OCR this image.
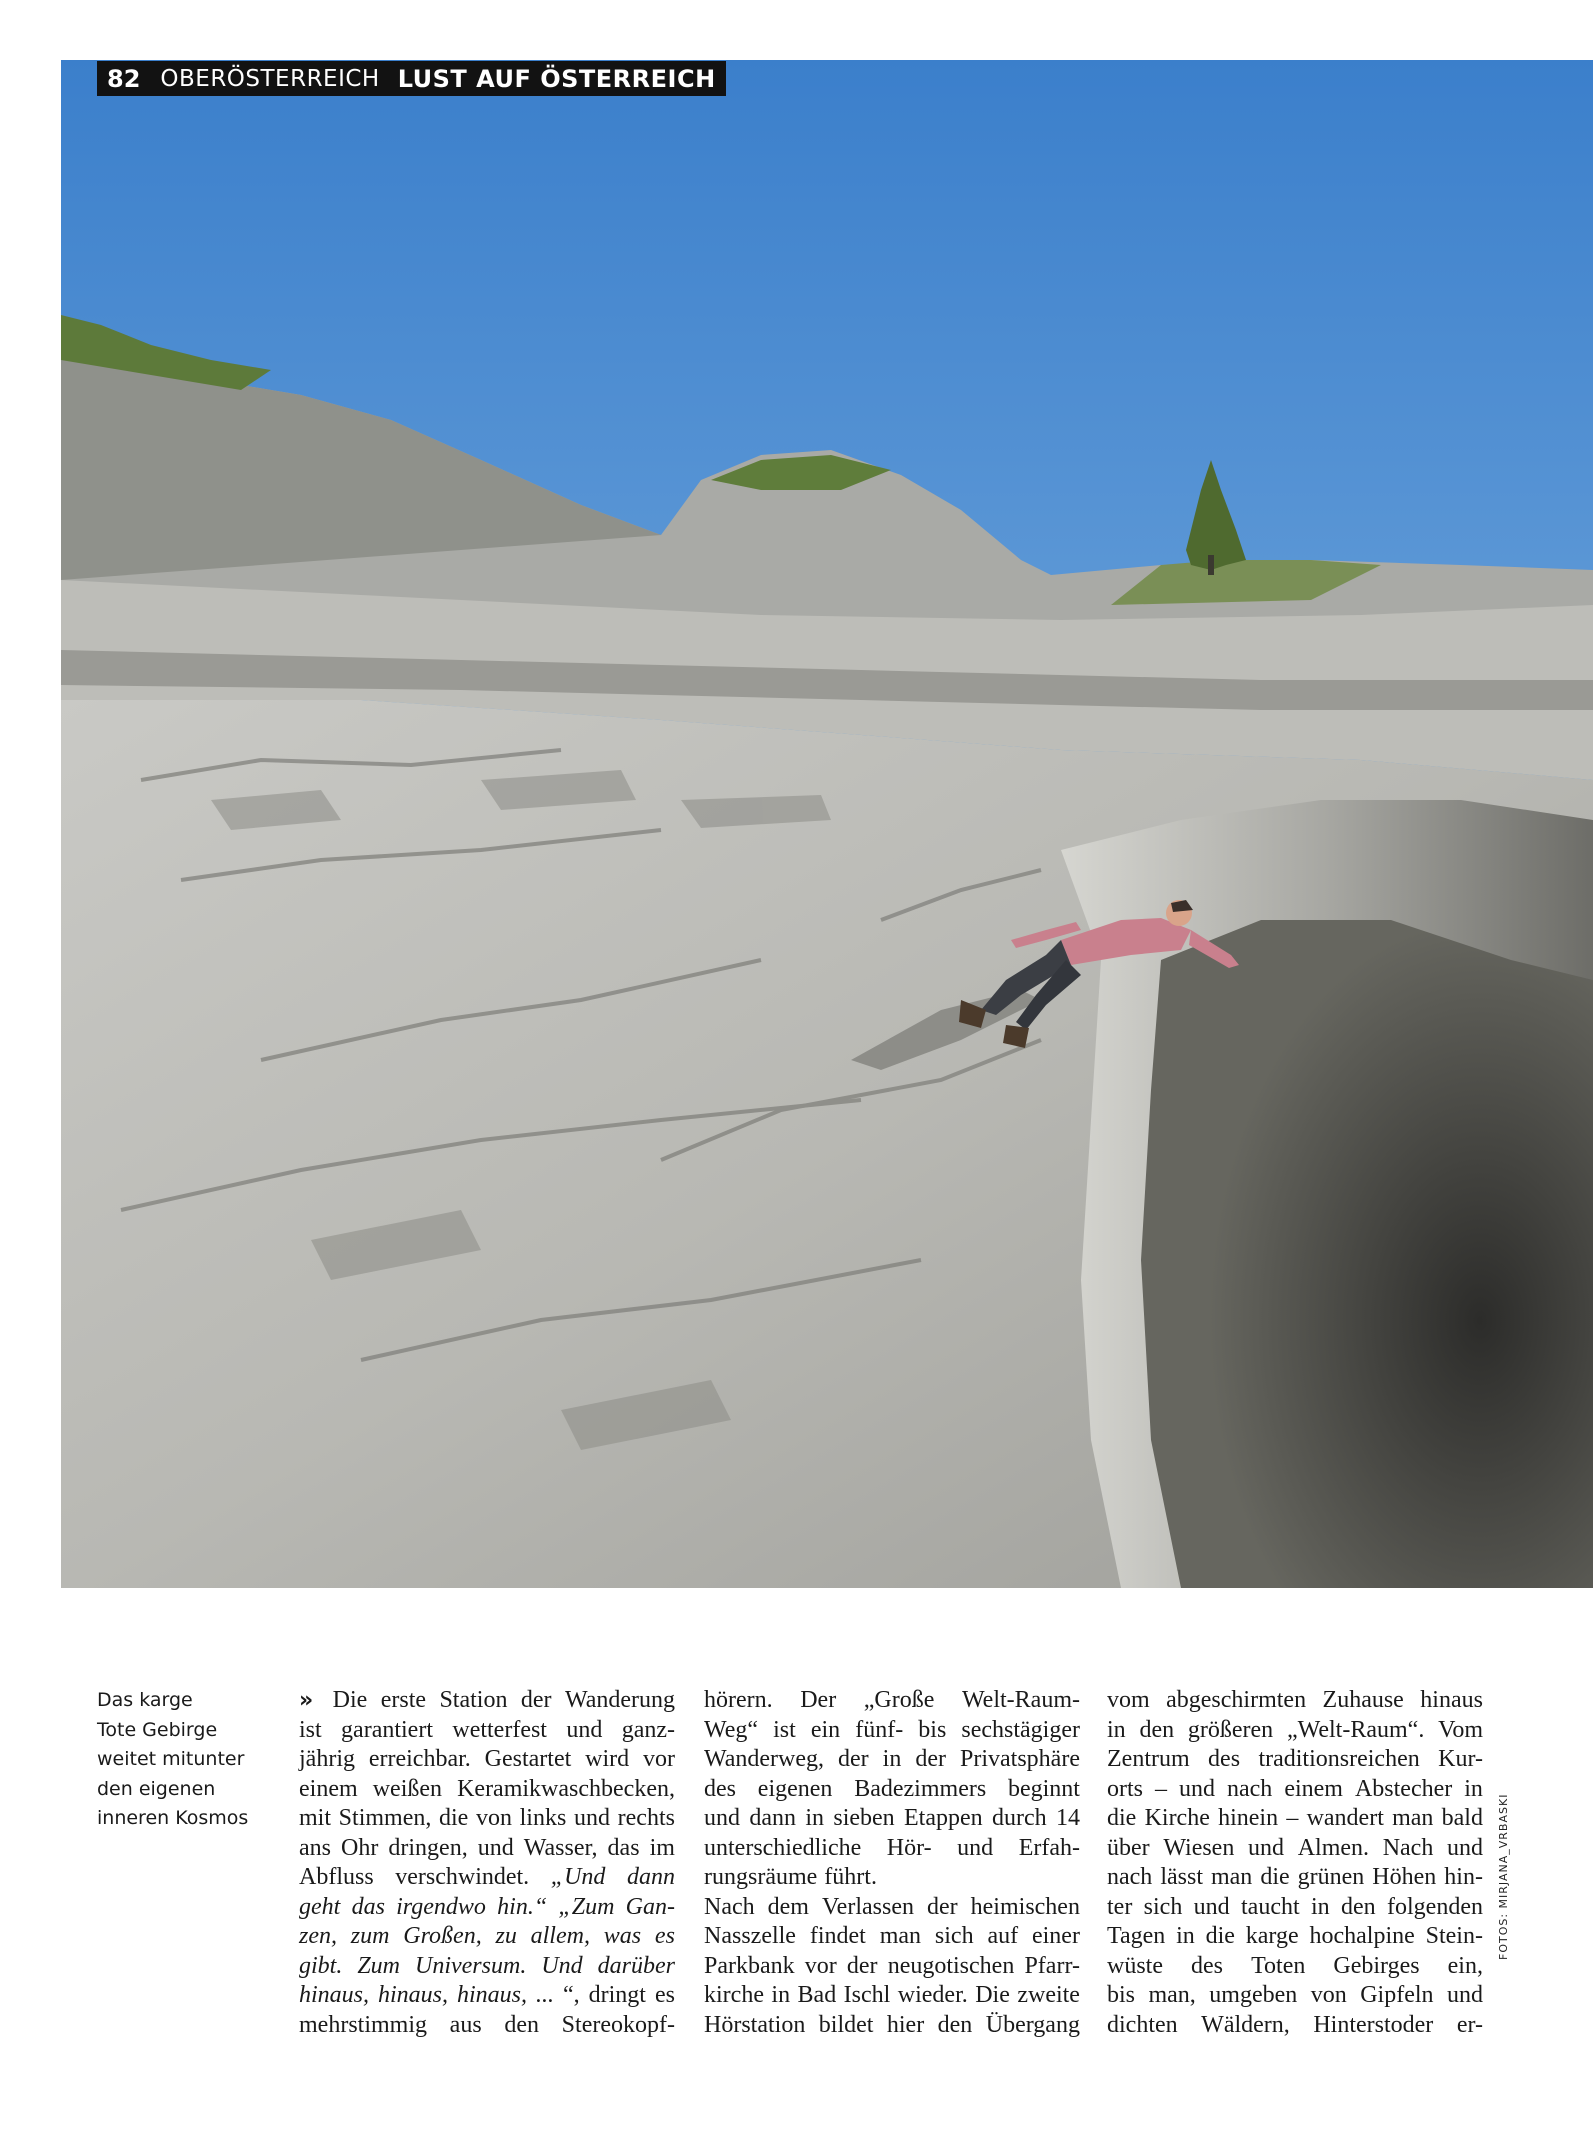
82 OBERÖSTERREICH LUST AUF ÖSTERREICH
Das karge
Tote Gebirge
weitet mitunter
den eigenen
inneren Kosmos
» Die erste Station der Wanderung
ist garantiert wetterfest und ganz-
jährig erreichbar. Gestartet wird vor
einem weißen Keramikwaschbecken,
mit Stimmen, die von links und rechts
ans Ohr dringen, und Wasser, das im
Abfluss verschwindet. „Und dann
geht das irgendwo hin.“ „Zum Gan-
zen, zum Großen, zu allem, was es
gibt. Zum Universum. Und darüber
hinaus, hinaus, hinaus, ... “, dringt es
mehrstimmig aus den Stereokopf-
hörern. Der „Große Welt-Raum-
Weg“ ist ein fünf- bis sechstägiger
Wanderweg, der in der Privatsphäre
des eigenen Badezimmers beginnt
und dann in sieben Etappen durch 14
unterschiedliche Hör- und Erfah-
rungsräume führt.
Nach dem Verlassen der heimischen
Nasszelle findet man sich auf einer
Parkbank vor der neugotischen Pfarr-
kirche in Bad Ischl wieder. Die zweite
Hörstation bildet hier den Übergang
vom abgeschirmten Zuhause hinaus
in den größeren „Welt-Raum“. Vom
Zentrum des traditionsreichen Kur-
orts – und nach einem Abstecher in
die Kirche hinein – wandert man bald
über Wiesen und Almen. Nach und
nach lässt man die grünen Höhen hin-
ter sich und taucht in den folgenden
Tagen in die karge hochalpine Stein-
wüste des Toten Gebirges ein,
bis man, umgeben von Gipfeln und
dichten Wäldern, Hinterstoder er-
FOTOS: MIRJANA_VRBASKI
